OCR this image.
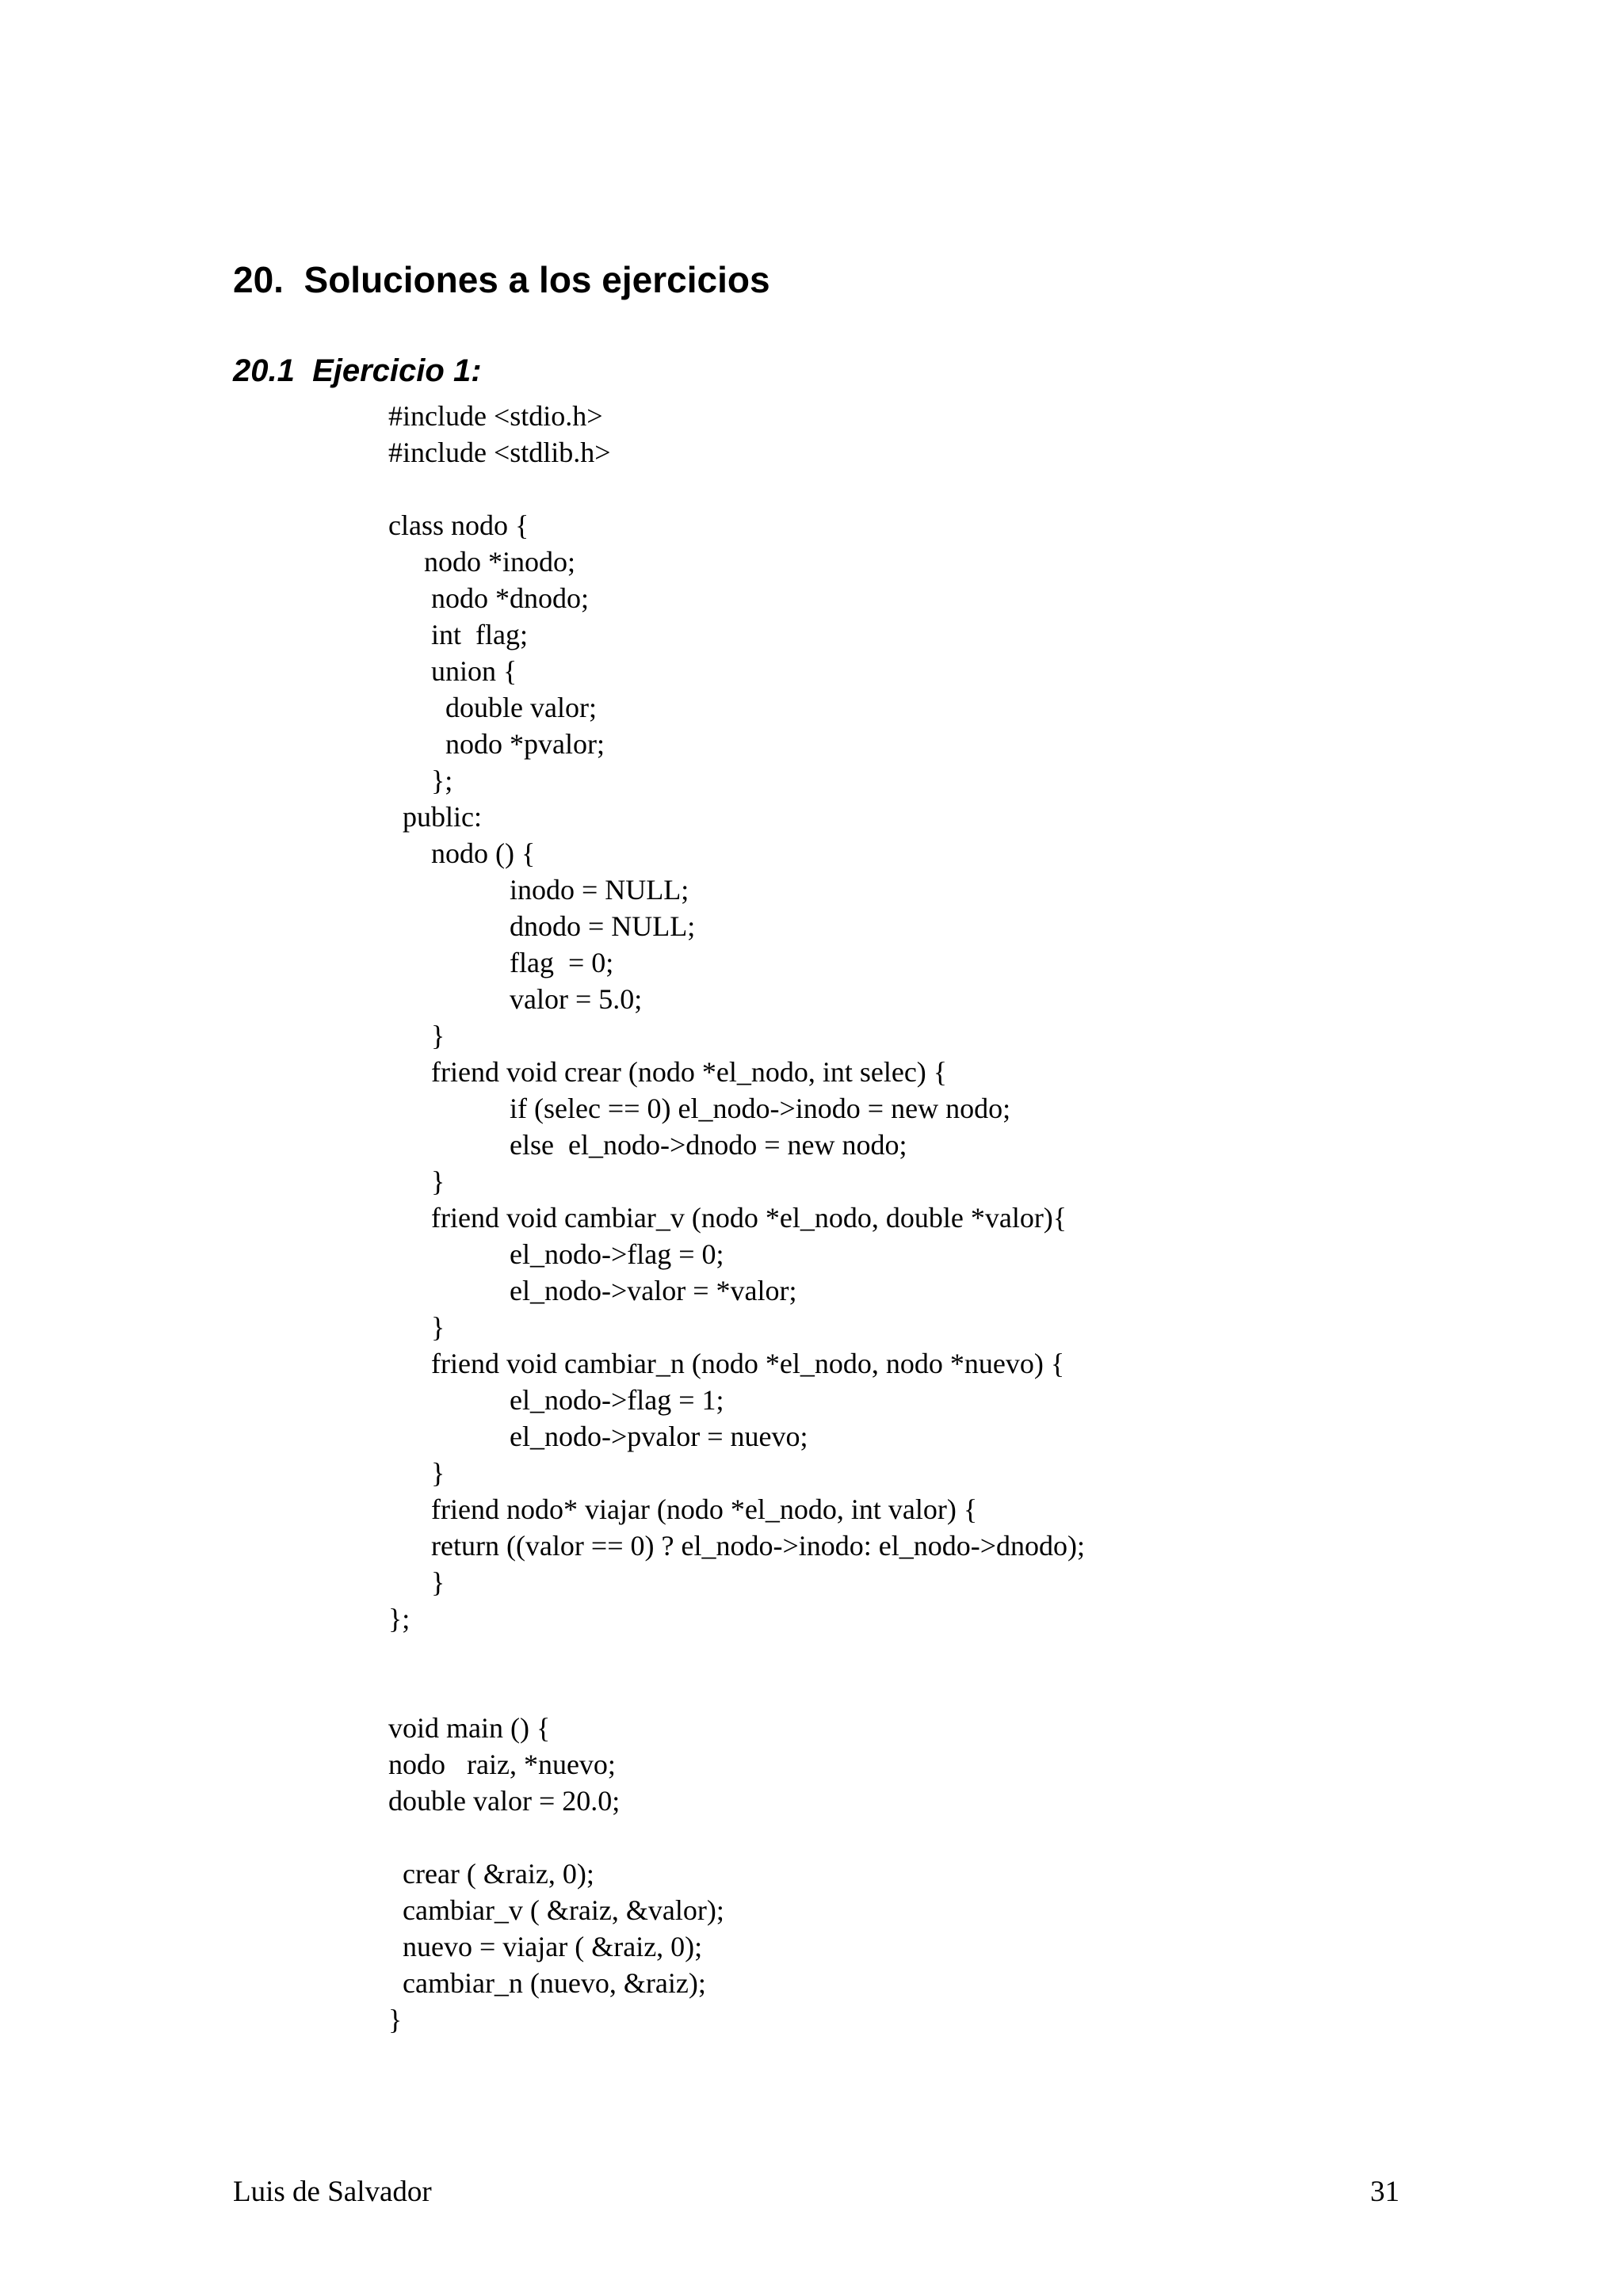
20.  Soluciones a los ejercicios
20.1  Ejercicio 1:
#include <stdio.h>
#include <stdlib.h>
class nodo {
nodo *inodo;
nodo *dnodo;
int  flag;
union {
double valor;
nodo *pvalor;
};
public:
nodo () {
inodo = NULL;
dnodo = NULL;
flag  = 0;
valor = 5.0;
}
friend void crear (nodo *el_nodo, int selec) {
if (selec == 0) el_nodo->inodo = new nodo;
else  el_nodo->dnodo = new nodo;
}
friend void cambiar_v (nodo *el_nodo, double *valor){
el_nodo->flag = 0;
el_nodo->valor = *valor;
}
friend void cambiar_n (nodo *el_nodo, nodo *nuevo) {
el_nodo->flag = 1;
el_nodo->pvalor = nuevo;
}
friend nodo* viajar (nodo *el_nodo, int valor) {
return ((valor == 0) ? el_nodo->inodo: el_nodo->dnodo);
}
};
void main () {
nodo   raiz, *nuevo;
double valor = 20.0;
crear ( &raiz, 0);
cambiar_v ( &raiz, &valor);
nuevo = viajar ( &raiz, 0);
cambiar_n (nuevo, &raiz);
}
Luis de Salvador	31
